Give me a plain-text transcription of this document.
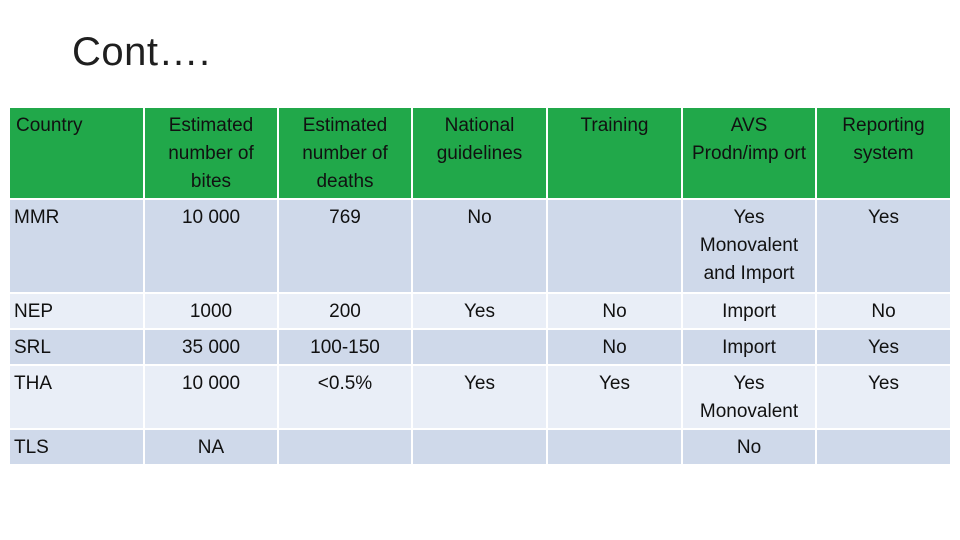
Cont….
Country	Estimated number of bites	Estimated number of deaths	National guidelines	Training	AVS Prodn/imp ort	Reporting system
MMR	10 000	769	No		Yes Monovalent and Import	Yes
NEP	1000	200	Yes	No	Import	No
SRL	35 000	100-150		No	Import	Yes
THA	10 000	<0.5%	Yes	Yes	Yes Monovalent	Yes
TLS	NA				No	
